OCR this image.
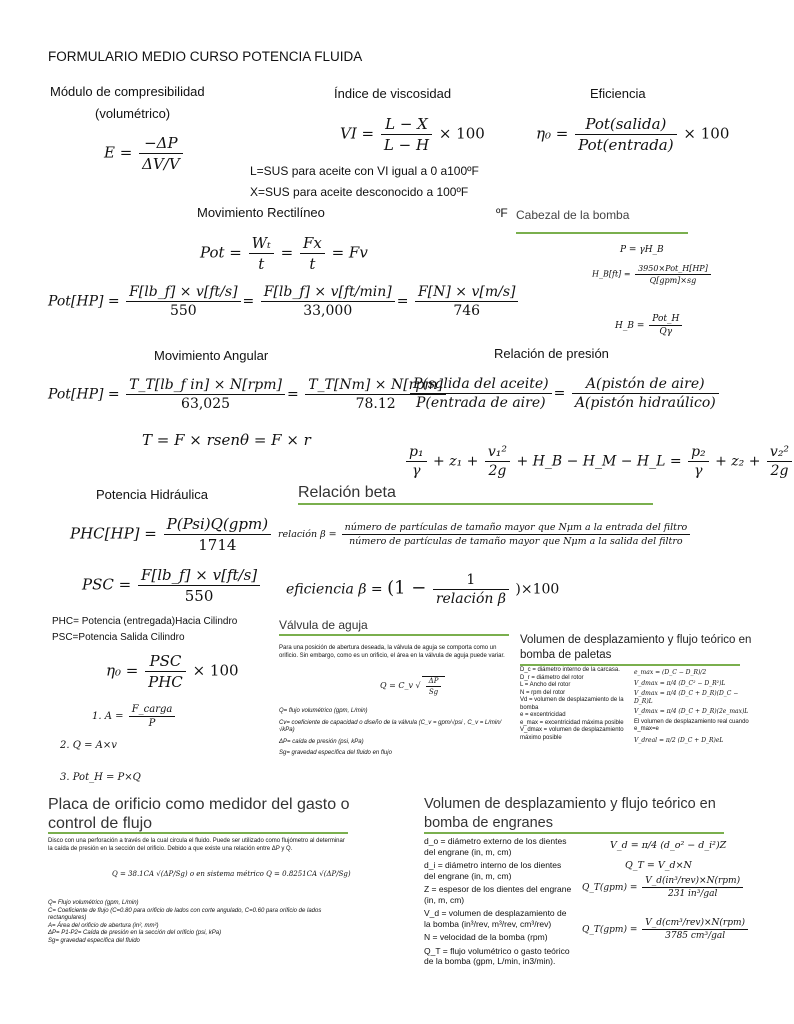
FORMULARIO MEDIO CURSO POTENCIA FLUIDA
Módulo de compresibilidad
(volumétrico)
$E = \frac{-\Delta P}{\Delta V/V}$
Índice de viscosidad
VI = $\frac{L - X}{L - H} \times 100$
L=SUS para aceite con VI igual a 0 a100ºF
X=SUS para aceite desconocido a 100ºF
ºF
Eficiencia
$\eta_0 = \frac{\text{Pot(salida)}}{\text{Pot(entrada)}} \times 100$
Movimiento Rectilíneo
Pot = $\frac{\text{Wₜ}}{t} = \frac{Fx}{t} = Fv$
$Pot[HP] = \frac{F[lb\_f] \times v[ft/s]}{550} = \frac{F[lb\_f] \times v[ft/\min]}{33,000} = \frac{F[N] \times v[m/s]}{746}$
Cabezal de la bomba
P = γH_B
H_B[ft] = $\frac{\text{3950×Pot\_H[HP]}}{\text{Q[gpm]×sg}}$
H_B = $\frac{\text{Pot\_H}}{Q\gamma}$
Movimiento Angular
$Pot[HP] = \frac{\text{T\_T[lb\_f in] × N[rpm]}}{63,025} = \frac{\text{T\_T[Nm] × N[rpm]}}{78.12}$
T = F × rsenθ = F × r
Relación de presión
$\frac{\text{P(salida del aceite)}}{\text{P(entrada de aire)}} = \frac{\text{A(pistón de aire)}}{\text{A(pistón hidraúlico)}}$
$\frac{\text{p₁}}{\gamma} + z_1 + \frac{\text{v₁²}}{2g}$ + H_B − H_M − H_L = $\frac{\text{p₂}}{\gamma} + z_2 + \frac{\text{v₂²}}{2g}$
Potencia Hidráulica
$PHC[HP] = \frac{\text{P(Psi)Q(gpm)}}{1714}$
PSC = $\frac{F[lb\_f] \times v[ft/s]}{550}$
PHC= Potencia (entregada)Hacia Cilindro
PSC=Potencia Salida Cilindro
$\eta_0 = \frac{\text{PSC}}{\text{PHC}} \times 100$
1. $A = \frac{\text{F\_carga}}{P}$
2. Q = A×v
3. Pot_H = P×Q
Relación beta
relación β =
número de partículas de tamaño mayor que Nμm a la entrada del filtro
número de partículas de tamaño mayor que Nμm a la salida del filtro
eficiencia $\beta = (1 - \frac{1}{\text{relación β}} )\times 100$
Válvula de aguja
Para una posición de abertura deseada, la válvula de aguja se comporta como un orificio. Sin embargo, como es un orificio, el área en la válvula de aguja puede variar.
Q = C_v √ $\frac{\Delta P}{Sg}$
Q= flujo volumétrico (gpm, L/min)
Cv= coeficiente de capacidad o diseño de la válvula (C_v = gpm/√psi , C_v = L/min/√kPa)
ΔP= caída de presión (psi, kPa)
Sg= gravedad específica del fluido en flujo
Volumen de desplazamiento y flujo teórico en
bomba de paletas
D_c = diámetro interno de la carcasa.
D_r = diámetro del rotor
L = Ancho del rotor
N = rpm del rotor
Vd = volumen de desplazamiento de la bomba
e = excentricidad
e_max = excentricidad máxima posible
V_dmax = volumen de desplazamiento máximo posible
e_max = (D_C − D_R)/2
V_dmax = π/4 (D_C² − D_R²)L
V_dmax = π/4 (D_C + D_R)(D_C − D_R)L
V_dmax = π/4 (D_C + D_R)(2e_max)L
El volumen de desplazamiento real cuando e_max=e
V_dreal = π/2 (D_C + D_R)eL
Placa de orificio como medidor del gasto o
control de flujo
Disco con una perforación a través de la cual circula el fluido. Puede ser utilizado como flujómetro al determinar la caída de presión en la sección del orificio. Debido a que existe una relación entre ΔP y Q.
Q = 38.1CA √(ΔP/Sg) o en sistema métrico Q = 0.8251CA √(ΔP/Sg)
Q= Flujo volumétrico (gpm, L/min)
C= Coeficiente de flujo (C=0.80 para orificio de lados con corte angulado, C=0.60 para orificio de lados rectangulares)
A= Área del orificio de abertura (in², mm²)
ΔP= P1-P2= Caída de presión en la sección del orificio (psi, kPa)
Sg= gravedad específica del fluido
Volumen de desplazamiento y flujo teórico en
bomba de engranes
d_o = diámetro externo de los dientes del engrane (in, m, cm)
d_i = diámetro interno de los dientes del engrane (in, m, cm)
Z = espesor de los dientes del engrane (in, m, cm)
V_d = volumen de desplazamiento de la bomba (in³/rev, m³/rev, cm³/rev)
N = velocidad de la bomba (rpm)
Q_T = flujo volumétrico o gasto teórico de la bomba (gpm, L/min, in3/min).
V_d = π/4 (d_o² − d_i²)Z
Q_T = V_d×N
Q_T(gpm) = $\frac{\text{V\_d(in³/rev)×N(rpm)}}{\text{231 in³/gal}}$
Q_T(gpm) = $\frac{\text{V\_d(cm³/rev)×N(rpm)}}{\text{3785 cm³/gal}}$
